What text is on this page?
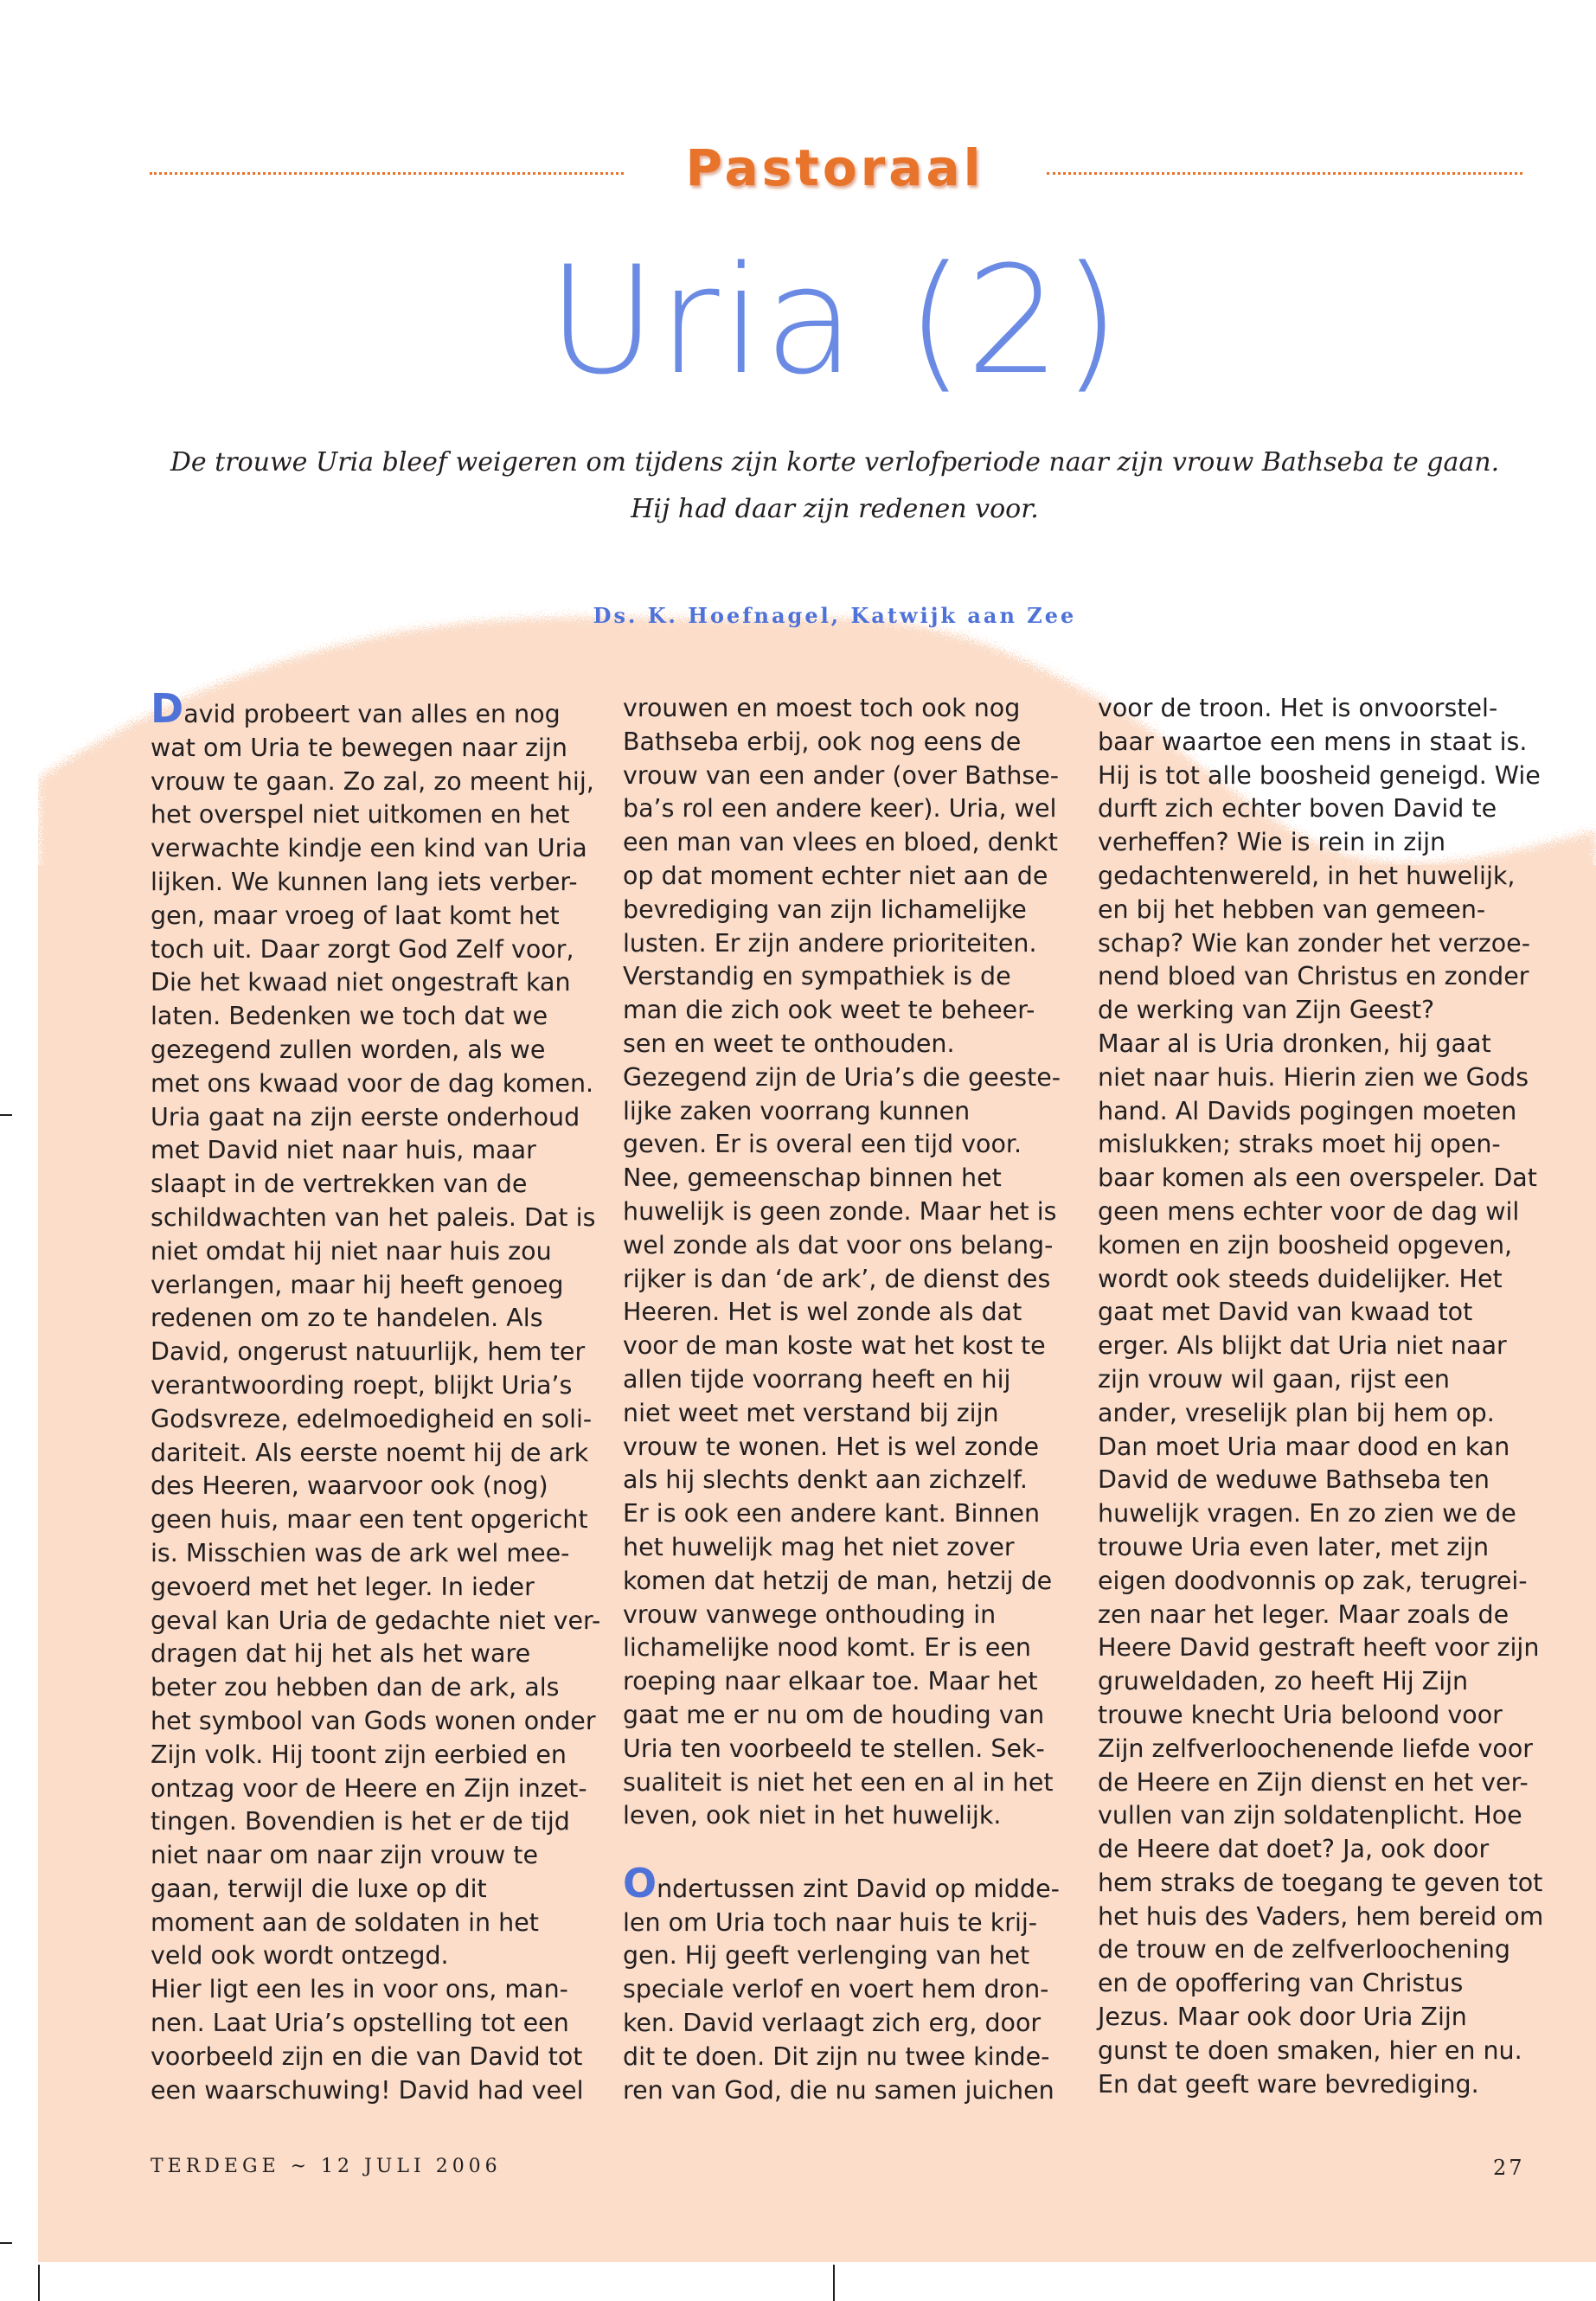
Pastoraal
Uria (2)

De trouwe Uria bleef weigeren om tijdens zijn korte verlofperiode naar zijn vrouw Bathseba te gaan.

Hij had daar zijn redenen voor.

Ds. K. Hoefnagel, Katwijk aan Zee
David probeert van alles en nog
wat om Uria te bewegen naar zijn
vrouw te gaan. Zo zal, zo meent hij,
het overspel niet uitkomen en het
verwachte kindje een kind van Uria
lijken. We kunnen lang iets verber-
gen, maar vroeg of laat komt het
toch uit. Daar zorgt God Zelf voor,
Die het kwaad niet ongestraft kan
laten. Bedenken we toch dat we
gezegend zullen worden, als we
met ons kwaad voor de dag komen.
Uria gaat na zijn eerste onderhoud
met David niet naar huis, maar
slaapt in de vertrekken van de
schildwachten van het paleis. Dat is
niet omdat hij niet naar huis zou
verlangen, maar hij heeft genoeg
redenen om zo te handelen. Als
David, ongerust natuurlijk, hem ter
verantwoording roept, blijkt Uria’s
Godsvreze, edelmoedigheid en soli-
dariteit. Als eerste noemt hij de ark
des Heeren, waarvoor ook (nog)
geen huis, maar een tent opgericht
is. Misschien was de ark wel mee-
gevoerd met het leger. In ieder
geval kan Uria de gedachte niet ver-
dragen dat hij het als het ware
beter zou hebben dan de ark, als
het symbool van Gods wonen onder
Zijn volk. Hij toont zijn eerbied en
ontzag voor de Heere en Zijn inzet-
tingen. Bovendien is het er de tijd
niet naar om naar zijn vrouw te
gaan, terwijl die luxe op dit
moment aan de soldaten in het
veld ook wordt ontzegd.
Hier ligt een les in voor ons, man-
nen. Laat Uria’s opstelling tot een
voorbeeld zijn en die van David tot
een waarschuwing! David had veel
vrouwen en moest toch ook nog
Bathseba erbij, ook nog eens de
vrouw van een ander (over Bathse-
ba’s rol een andere keer). Uria, wel
een man van vlees en bloed, denkt
op dat moment echter niet aan de
bevrediging van zijn lichamelijke
lusten. Er zijn andere prioriteiten.
Verstandig en sympathiek is de
man die zich ook weet te beheer-
sen en weet te onthouden.
Gezegend zijn de Uria’s die geeste-
lijke zaken voorrang kunnen
geven. Er is overal een tijd voor.
Nee, gemeenschap binnen het
huwelijk is geen zonde. Maar het is
wel zonde als dat voor ons belang-
rijker is dan ‘de ark’, de dienst des
Heeren. Het is wel zonde als dat
voor de man koste wat het kost te
allen tijde voorrang heeft en hij
niet weet met verstand bij zijn
vrouw te wonen. Het is wel zonde
als hij slechts denkt aan zichzelf.
Er is ook een andere kant. Binnen
het huwelijk mag het niet zover
komen dat hetzij de man, hetzij de
vrouw vanwege onthouding in
lichamelijke nood komt. Er is een
roeping naar elkaar toe. Maar het
gaat me er nu om de houding van
Uria ten voorbeeld te stellen. Sek-
sualiteit is niet het een en al in het
leven, ook niet in het huwelijk.
Ondertussen zint David op midde-
len om Uria toch naar huis te krij-
gen. Hij geeft verlenging van het
speciale verlof en voert hem dron-
ken. David verlaagt zich erg, door
dit te doen. Dit zijn nu twee kinde-
ren van God, die nu samen juichen
voor de troon. Het is onvoorstel-
baar waartoe een mens in staat is.
Hij is tot alle boosheid geneigd. Wie
durft zich echter boven David te
verheffen? Wie is rein in zijn
gedachtenwereld, in het huwelijk,
en bij het hebben van gemeen-
schap? Wie kan zonder het verzoe-
nend bloed van Christus en zonder
de werking van Zijn Geest?
Maar al is Uria dronken, hij gaat
niet naar huis. Hierin zien we Gods
hand. Al Davids pogingen moeten
mislukken; straks moet hij open-
baar komen als een overspeler. Dat
geen mens echter voor de dag wil
komen en zijn boosheid opgeven,
wordt ook steeds duidelijker. Het
gaat met David van kwaad tot
erger. Als blijkt dat Uria niet naar
zijn vrouw wil gaan, rijst een
ander, vreselijk plan bij hem op.
Dan moet Uria maar dood en kan
David de weduwe Bathseba ten
huwelijk vragen. En zo zien we de
trouwe Uria even later, met zijn
eigen doodvonnis op zak, terugrei-
zen naar het leger. Maar zoals de
Heere David gestraft heeft voor zijn
gruweldaden, zo heeft Hij Zijn
trouwe knecht Uria beloond voor
Zijn zelfverloochenende liefde voor
de Heere en Zijn dienst en het ver-
vullen van zijn soldatenplicht. Hoe
de Heere dat doet? Ja, ook door
hem straks de toegang te geven tot
het huis des Vaders, hem bereid om
de trouw en de zelfverloochening
en de opoffering van Christus
Jezus. Maar ook door Uria Zijn
gunst te doen smaken, hier en nu.
En dat geeft ware bevrediging.
TERDEGE ~ 12 JULI 2006	27
